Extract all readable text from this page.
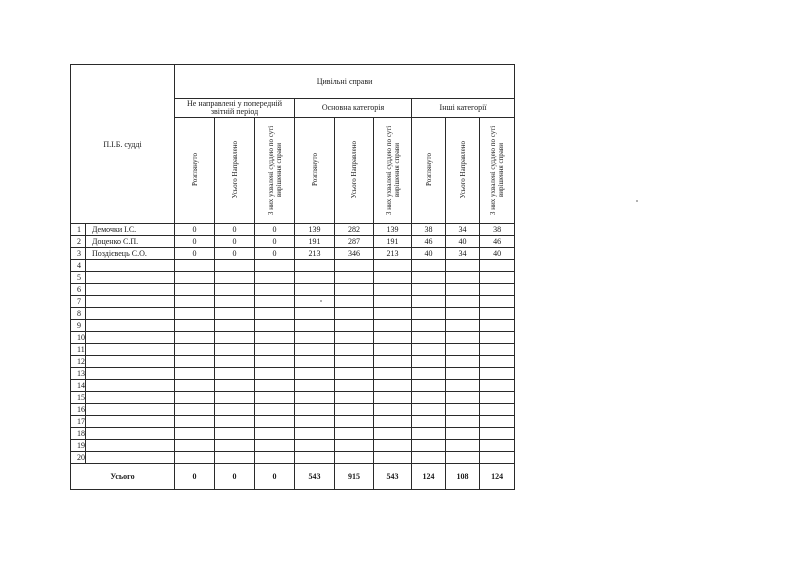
П.І.Б. судді		Цивільні справи								
		Не направлені у попередній звітній період			Основна категорія			Інші категорії		
		Розглянуто	Усього Направлено	З них ухвалені суддею по суті вирішення справи	Розглянуто	Усього Направлено	З них ухвалені суддею по суті вирішення справи	Розглянуто	Усього Направлено	З них ухвалені суддею по суті вирішення справи
1	Демочки І.С.	0	0	0	139	282	139	38	34	38
2	Доценко С.П.	0	0	0	191	287	191	46	40	46
3	Поздієвець С.О.	0	0	0	213	346	213	40	34	40
4										
5										
6										
7										
8										
9										
10										
11										
12										
13										
14										
15										
16										
17										
18										
19										
20										
Усього		0	0	0	543	915	543	124	108	124
